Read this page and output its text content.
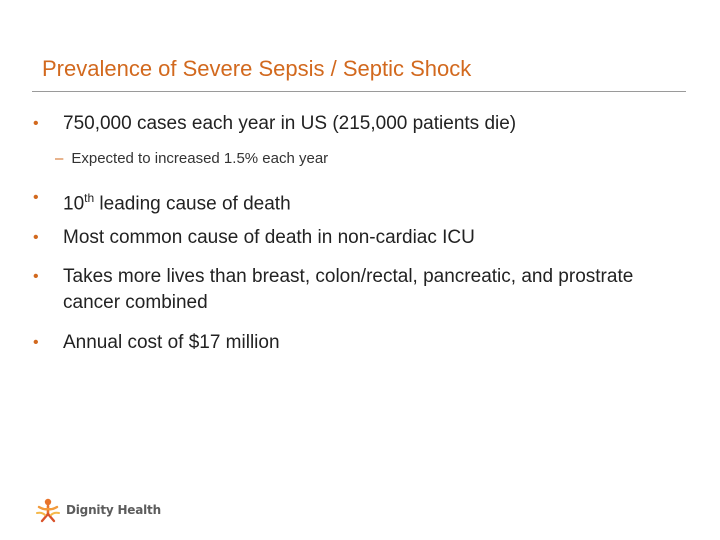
Prevalence of Severe Sepsis / Septic Shock
•	750,000 cases each year in US (215,000 patients die)
– Expected to increased 1.5% each year
•	10th leading cause of death
•	Most common cause of death in non-cardiac ICU
•	Takes more lives than breast, colon/rectal, pancreatic, and prostrate cancer combined
•	Annual cost of $17 million
Dignity Health
